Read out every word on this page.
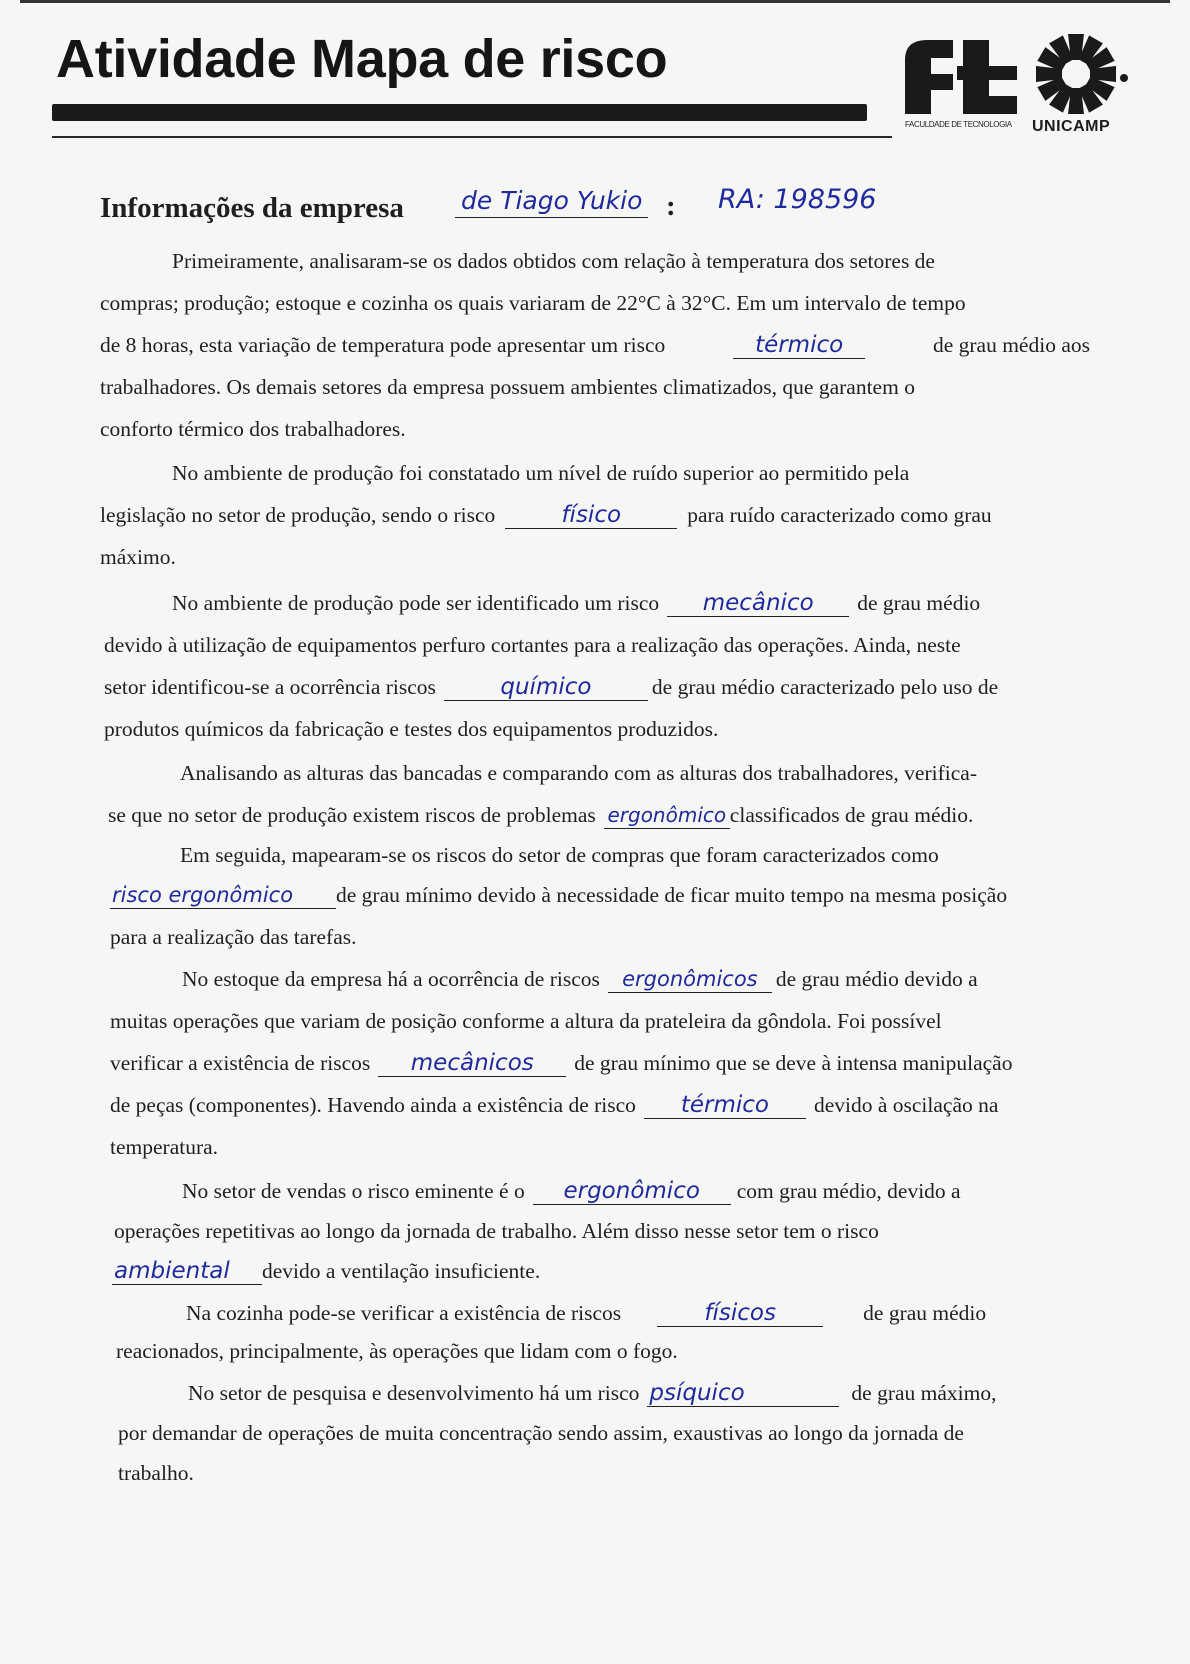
Atividade Mapa de risco
FACULDADE DE TECNOLOGIA	UNICAMP
Informações da empresa de Tiago Yukio : RA: 198596
Primeiramente, analisaram-se os dados obtidos com relação à temperatura dos setores de
compras; produção; estoque e cozinha os quais variaram de 22°C à 32°C. Em um intervalo de tempo
de 8 horas, esta variação de temperatura pode apresentar um risco	térmico	de grau médio aos
trabalhadores. Os demais setores da empresa possuem ambientes climatizados, que garantem o
conforto térmico dos trabalhadores.
No ambiente de produção foi constatado um nível de ruído superior ao permitido pela
legislação no setor de produção, sendo o risco	físico	para ruído caracterizado como grau
máximo.
No ambiente de produção pode ser identificado um risco	mecânico	de grau médio
devido à utilização de equipamentos perfuro cortantes para a realização das operações. Ainda, neste
setor identificou-se a ocorrência riscos	químico	de grau médio caracterizado pelo uso de
produtos químicos da fabricação e testes dos equipamentos produzidos.
Analisando as alturas das bancadas e comparando com as alturas dos trabalhadores, verifica-
se que no setor de produção existem riscos de problemas ergonômico classificados de grau médio.
Em seguida, mapearam-se os riscos do setor de compras que foram caracterizados como
risco ergonômico	de grau mínimo devido à necessidade de ficar muito tempo na mesma posição
para a realização das tarefas.
No estoque da empresa há a ocorrência de riscos	ergonômicos de grau médio devido a
muitas operações que variam de posição conforme a altura da prateleira da gôndola. Foi possível
verificar a existência de riscos	mecânicos	de grau mínimo que se deve à intensa manipulação
de peças (componentes). Havendo ainda a existência de risco	térmico	devido à oscilação na
temperatura.
No setor de vendas o risco eminente é o	ergonômico	com grau médio, devido a
operações repetitivas ao longo da jornada de trabalho. Além disso nesse setor tem o risco
ambiental	devido a ventilação insuficiente.
Na cozinha pode-se verificar a existência de riscos	físicos	de grau médio
reacionados, principalmente, às operações que lidam com o fogo.
No setor de pesquisa e desenvolvimento há um risco psíquico	de grau máximo,
por demandar de operações de muita concentração sendo assim, exaustivas ao longo da jornada de
trabalho.
